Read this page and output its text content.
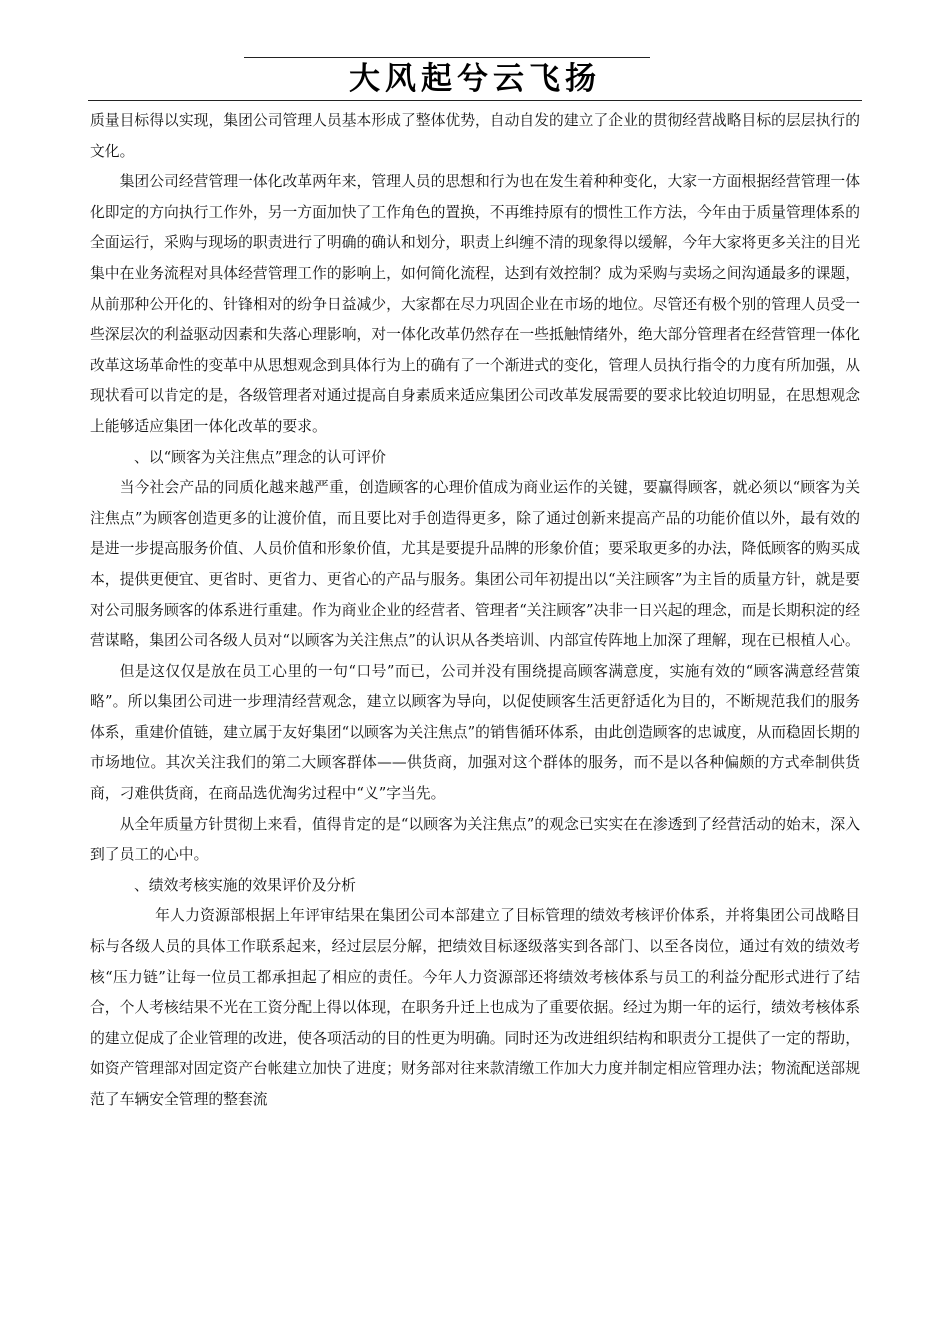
大风起兮云飞扬

质量目标得以实现，集团公司管理人员基本形成了整体优势，自动自发的建立了企业的贯彻经营战略目标的层层执行的文化。

集团公司经营管理一体化改革两年来，管理人员的思想和行为也在发生着种种变化，大家一方面根据经营管理一体化即定的方向执行工作外，另一方面加快了工作角色的置换，不再维持原有的惯性工作方法，今年由于质量管理体系的全面运行，采购与现场的职责进行了明确的确认和划分，职责上纠缠不清的现象得以缓解，今年大家将更多关注的目光集中在业务流程对具体经营管理工作的影响上，如何简化流程，达到有效控制？成为采购与卖场之间沟通最多的课题，从前那种公开化的、针锋相对的纷争日益减少，大家都在尽力巩固企业在市场的地位。尽管还有极个别的管理人员受一些深层次的利益驱动因素和失落心理影响，对一体化改革仍然存在一些抵触情绪外，绝大部分管理者在经营管理一体化改革这场革命性的变革中从思想观念到具体行为上的确有了一个渐进式的变化，管理人员执行指令的力度有所加强，从现状看可以肯定的是，各级管理者对通过提高自身素质来适应集团公司改革发展需要的要求比较迫切明显，在思想观念上能够适应集团一体化改革的要求。

、以“顾客为关注焦点”理念的认可评价

当今社会产品的同质化越来越严重，创造顾客的心理价值成为商业运作的关键，要赢得顾客，就必须以“顾客为关注焦点”为顾客创造更多的让渡价值，而且要比对手创造得更多，除了通过创新来提高产品的功能价值以外，最有效的是进一步提高服务价值、人员价值和形象价值，尤其是要提升品牌的形象价值；要采取更多的办法，降低顾客的购买成本，提供更便宜、更省时、更省力、更省心的产品与服务。集团公司年初提出以“关注顾客”为主旨的质量方针，就是要对公司服务顾客的体系进行重建。作为商业企业的经营者、管理者“关注顾客”决非一日兴起的理念，而是长期积淀的经营谋略，集团公司各级人员对“以顾客为关注焦点”的认识从各类培训、内部宣传阵地上加深了理解，现在已根植人心。

但是这仅仅是放在员工心里的一句“口号”而已，公司并没有围绕提高顾客满意度，实施有效的“顾客满意经营策略”。所以集团公司进一步理清经营观念，建立以顾客为导向，以促使顾客生活更舒适化为目的，不断规范我们的服务体系，重建价值链，建立属于友好集团“以顾客为关注焦点”的销售循环体系，由此创造顾客的忠诚度，从而稳固长期的市场地位。其次关注我们的第二大顾客群体——供货商，加强对这个群体的服务，而不是以各种偏颇的方式牵制供货商，刁难供货商，在商品选优淘劣过程中“义”字当先。

从全年质量方针贯彻上来看，值得肯定的是“以顾客为关注焦点”的观念已实实在在渗透到了经营活动的始末，深入到了员工的心中。

、绩效考核实施的效果评价及分析

年人力资源部根据上年评审结果在集团公司本部建立了目标管理的绩效考核评价体系，并将集团公司战略目标与各级人员的具体工作联系起来，经过层层分解，把绩效目标逐级落实到各部门、以至各岗位，通过有效的绩效考核“压力链”让每一位员工都承担起了相应的责任。今年人力资源部还将绩效考核体系与员工的利益分配形式进行了结合，个人考核结果不光在工资分配上得以体现，在职务升迁上也成为了重要依据。经过为期一年的运行，绩效考核体系的建立促成了企业管理的改进，使各项活动的目的性更为明确。同时还为改进组织结构和职责分工提供了一定的帮助，如资产管理部对固定资产台帐建立加快了进度；财务部对往来款清缴工作加大力度并制定相应管理办法；物流配送部规范了车辆安全管理的整套流
